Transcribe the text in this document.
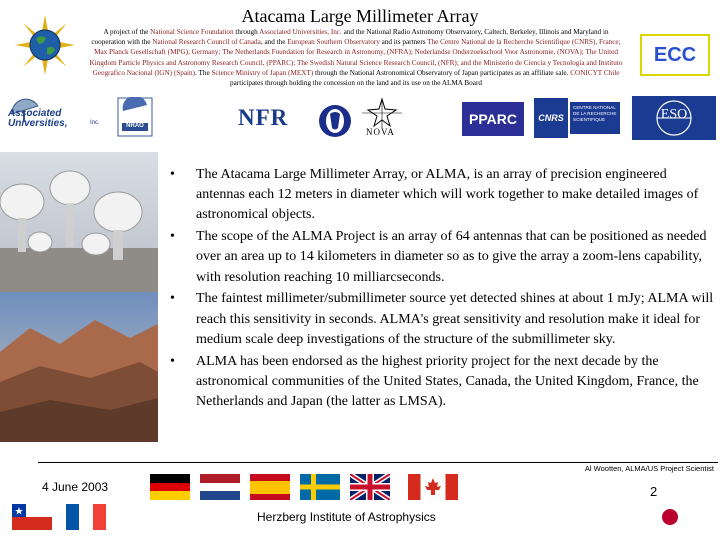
Atacama Large Millimeter Array
A project of the National Science Foundation through Associated Universities, Inc. and the National Radio Astronomy Observatory, Caltech, Berkeley, Illinois and Maryland in cooperation with the National Research Council of Canada, and the European Southern Observatory and its partners The Centre National de la Recherche Scientifique (CNRS), France; Max Planck Gesellschaft (MPG), Germany; The Netherlands Foundation for Research in Astronomy, (NFRA); Nederlandse Onderzoekschool Voor Astronomie, (NOVA); The United Kingdom Particle Physics and Astronomy Research Council, (PPARC); The Swedish Natural Science Research Council, (NFR); and the Ministerio de Ciencia y Tecnologia and Instituto Geografico Nacional (IGN) (Spain). The Science Ministry of Japan (MEXT) through the National Astronomical Observatory of Japan participates as an affiliate sale. CONICYT Chile participates through holding the concession on the land and its use on the ALMA Board
ECC
Associated
Universities,	Inc.	NRAO	NFR
NOVA
PPARC CNRS
CENTRE NATIONAL DE LA RECHERCHE SCIENTIFIQUE	ESO
• The Atacama Large Millimeter Array, or ALMA, is an array of precision engineered antennas each 12 meters in diameter which will work together to make detailed images of astronomical objects.
• The scope of the ALMA Project is an array of 64 antennas that can be positioned as needed over an area up to 14 kilometers in diameter so as to give the array a zoom-lens capability, with resolution reaching 10 milliarcseconds.
• The faintest millimeter/submillimeter source yet detected shines at about 1 mJy; ALMA will reach this sensitivity in seconds. ALMA's great sensitivity and resolution make it ideal for medium scale deep investigations of the structure of the submillimeter sky.
• ALMA has been endorsed as the highest priority project for the next decade by the astronomical communities of the United States, Canada, the United Kingdom, France, the Netherlands and Japan (the latter as LMSA).
Al Wootten, ALMA/US Project Scientist
4 June 2003	2
Herzberg Institute of Astrophysics
